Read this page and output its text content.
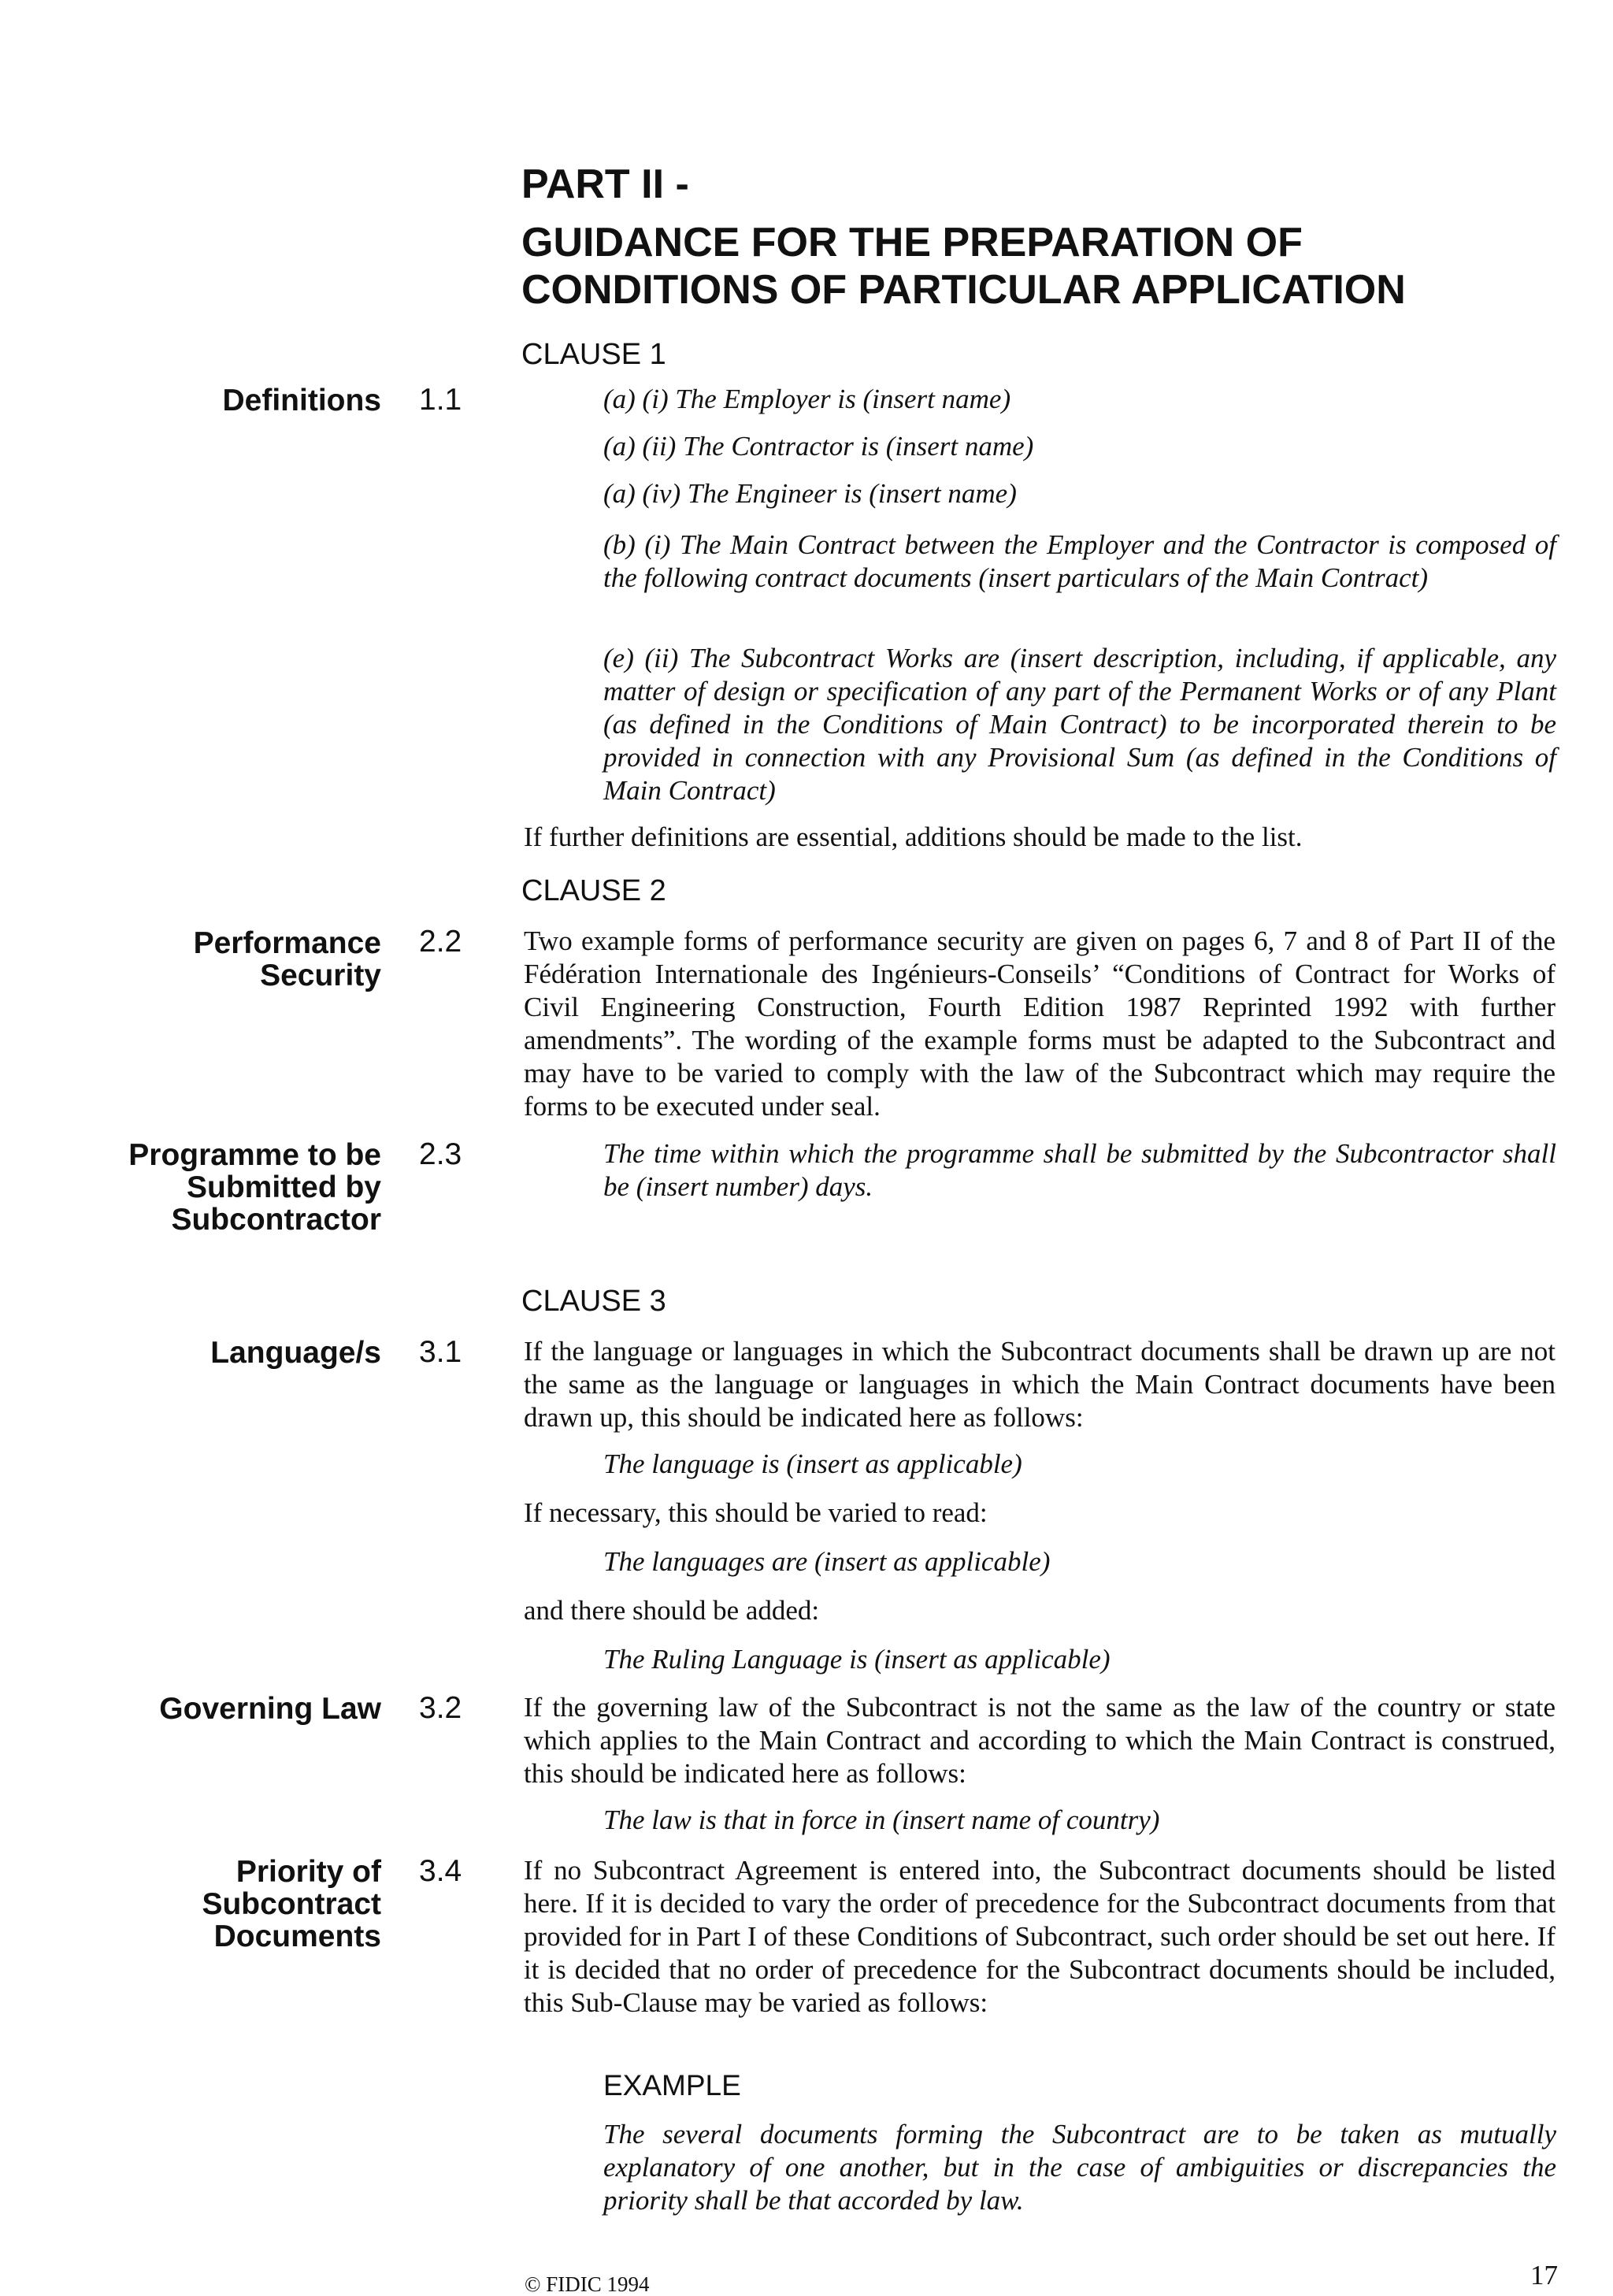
PART II -
GUIDANCE FOR THE PREPARATION OF
CONDITIONS OF PARTICULAR APPLICATION
CLAUSE 1
Definitions 1.1	(a) (i) The Employer is (insert name)
(a) (ii) The Contractor is (insert name)
(a) (iv) The Engineer is (insert name)
(b) (i) The Main Contract between the Employer and the Contractor is composed of the following contract documents (insert particulars of the Main Contract)
(e) (ii) The Subcontract Works are (insert description, including, if applicable, any matter of design or specification of any part of the Permanent Works or of any Plant (as defined in the Conditions of Main Contract) to be incorporated therein to be provided in connection with any Provisional Sum (as defined in the Conditions of Main Contract)
If further definitions are essential, additions should be made to the list.
CLAUSE 2
Performance
Security
2.2 Two example forms of performance security are given on pages 6, 7 and 8 of Part II of the Fédération Internationale des Ingénieurs-Conseils’ “Conditions of Contract for Works of Civil Engineering Construction, Fourth Edition 1987 Reprinted 1992 with further amendments”. The wording of the example forms must be adapted to the Subcontract and may have to be varied to comply with the law of the Subcontract which may require the forms to be executed under seal.
Programme to be
Submitted by
Subcontractor
2.3	The time within which the programme shall be submitted by the Subcontractor shall be (insert number) days.
CLAUSE 3
Language/s 3.1 If the language or languages in which the Subcontract documents shall be drawn up are not the same as the language or languages in which the Main Contract documents have been drawn up, this should be indicated here as follows:
The language is (insert as applicable)
If necessary, this should be varied to read:
The languages are (insert as applicable)
and there should be added:
The Ruling Language is (insert as applicable)
Governing Law 3.2 If the governing law of the Subcontract is not the same as the law of the country or state which applies to the Main Contract and according to which the Main Contract is construed, this should be indicated here as follows:
The law is that in force in (insert name of country)
Priority of
Subcontract
Documents
3.4 If no Subcontract Agreement is entered into, the Subcontract documents should be listed here. If it is decided to vary the order of precedence for the Subcontract documents from that provided for in Part I of these Conditions of Subcontract, such order should be set out here. If it is decided that no order of precedence for the Subcontract documents should be included, this Sub-Clause may be varied as follows:
EXAMPLE
The several documents forming the Subcontract are to be taken as mutually explanatory of one another, but in the case of ambiguities or discrepancies the priority shall be that accorded by law.
© FIDIC 1994	17
